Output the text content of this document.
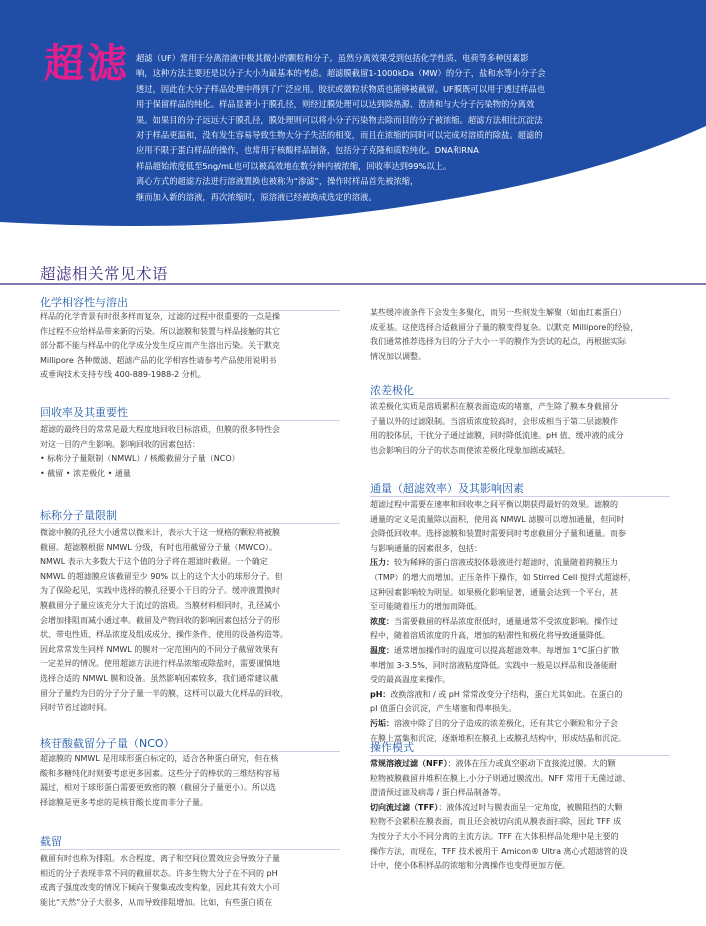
超滤 超滤（UF）常用于分离溶液中极其微小的颗粒和分子。虽然分离效果受到包括化学性质、电荷等多种因素影

响，这种方法主要还是以分子大小为最基本的考虑。超滤膜截留1-1000kDa（MW）的分子，盐和水等小分子会

透过，因此在大分子样品处理中得到了广泛应用。胶状或微粒状物质也能够被截留。UF膜既可以用于透过样品也

用于保留样品的纯化。样品显著小于膜孔径，则经过膜处理可以达到除热源、澄清和与大分子污染物的分离效

果。如果目的分子远远大于膜孔径，膜处理则可以将小分子污染物去除而目的分子被浓缩。超滤方法相比沉淀法

对于样品更温和，没有发生容易导致生物大分子失活的相变，而且在浓缩的同时可以完成对溶质的除盐。超滤的

应用不限于蛋白样品的操作，也常用于核酸样品制备，包括分子克隆和质粒纯化。DNA和RNA

样品超始浓度低至5ng/mL也可以被高效地在数分钟内被浓缩，回收率达到99%以上。

离心方式的超滤方法进行溶液置换也被称为“渗滤”，操作时样品首先被浓缩，

继而加入新的溶液，再次浓缩时，原溶液已经被换成选定的溶液。

超滤相关常见术语
化学相容性与溶出
样品的化学背景有时很多样而复杂，过滤的过程中很重要的一点是操
作过程不应给样品带来新的污染。所以滤膜和装置与样品接触的其它
部分都不能与样品中的化学成分发生反应而产生溶出污染。关于默克
Millipore 各种微滤、超滤产品的化学相容性请参考产品使用说明书
或垂询技术支持专线 400-889-1988-2 分机。
回收率及其重要性
超滤的最终目的常常是最大程度地回收目标溶质，但膜的很多特性会
对这一目的产生影响。影响回收的因素包括：
• 标称分子量限制（NMWL）/ 核酸截留分子量（NCO）
• 截留 • 浓差极化 • 通量
标称分子量限制
微滤中膜的孔径大小通常以微米计，表示大于这一规格的颗粒将被膜
截留。超滤膜根据 NMWL 分级，有时也用截留分子量（MWCO）。
NMWL 表示大多数大于这个值的分子将在超滤时截留。一个确定
NMWL 的超滤膜应该截留至少 90% 以上的这个大小的球形分子。但
为了保险起见，实践中选择的膜孔径要小于目的分子。缓冲液置换时
膜截留分子量应该充分大于流过的溶质。当膜材料相同时，孔径减小
会增加排阻而减小通过率。截留及产物回收的影响因素包括分子的形
状、带电性质、样品浓度及组成成分、操作条件、使用的设备构造等。
因此常常发生同样 NMWL 的膜对一定范围内的不同分子截留效果有
一定差异的情况。使用超滤方法进行样品浓缩或除盐时，需要谨慎地
选择合适的 NMWL 膜和设备。虽然影响因素较多，我们通常建议截
留分子量约为目的分子分子量一半的膜，这样可以最大化样品的回收，
同时节省过滤时间。
核苷酸截留分子量（NCO）
超滤膜的 NMWL 是用球形蛋白标定的，适合各种蛋白研究，但在核
酸和多糖纯化时则要考虑更多因素。这些分子的棒状的三维结构容易
漏过，相对于球形蛋白需要更致密的膜（截留分子量更小）。所以选
择滤膜是更多考虑的是核苷酸长度而非分子量。
截留
截留有时也称为排阻。水合程度、离子和空间位置效应会导致分子量
相近的分子表现非常不同的截留状态。许多生物大分子在不同的 pH
或离子强度改变的情况下倾向于聚集或改变构象，因此其有效大小可
能比“天然”分子大很多，从而导致排阻增加。比如，有些蛋白质在
某些缓冲液条件下会发生多聚化，而另一些则发生解聚（如血红素蛋白）
成亚基。这使选择合适截留分子量的膜变得复杂。以默克 Millipore的经验，
我们通常推荐选择为目的分子大小一半的膜作为尝试的起点，再根据实际
情况加以调整。
浓差极化
浓差极化实质是溶质累积在膜表面造成的堵塞，产生除了膜本身截留分
子量以外的过滤限制。当溶质浓度较高时，会形成相当于第二层滤膜作
用的胶体层，干扰分子通过滤膜，同时降低流速。pH 值、缓冲液的成分
也会影响目的分子的状态而使浓差极化现象加剧或减轻。
通量（超滤效率）及其影响因素
超滤过程中需要在速率和回收率之间平衡以期获得最好的效果。滤膜的
通量的定义是流量除以面积，使用高 NMWL 滤膜可以增加通量，但同时
会降低回收率。选择滤膜和装置时需要同时考虑截留分子量和通量。而参
与影响通量的因素很多，包括：
压力：较为稀释的蛋白溶液或胶体悬液进行超滤时，流量随着跨膜压力
（TMP）的增大而增加。正压条件下操作，如 Stirred Cell 搅拌式超滤杯，
这种因素影响较为明显。如果极化影响显著，通量会达到一个平台，甚
至可能随着压力的增加而降低。
浓度：当需要截留的样品浓度很低时，通量通常不受浓度影响。操作过
程中，随着溶质浓度的升高，增加的粘滞性和极化将导致通量降低。
温度：通常增加操作时的温度可以提高超滤效率。每增加 1°C蛋白扩散
率增加 3-3.5%，同时溶液粘度降低。实践中一般是以样品和设备能耐
受的最高温度来操作。
pH：改换溶液和 / 或 pH 常常改变分子结构，蛋白尤其如此。在蛋白的
pI 值蛋白会沉淀，产生堵塞和得率损失。
污垢：溶液中除了目的分子造成的浓差极化，还有其它小颗粒和分子会
在膜上富集和沉淀，逐渐堆积在膜孔上或膜孔结构中，形成结晶和沉淀。
操作模式
常规溶液过滤（NFF）：液体在压力或真空驱动下直接流过膜。大的颗
粒物被膜截留并堆积在膜上,小分子则通过膜流出。NFF 常用于无菌过滤、
澄清预过滤及病毒 / 蛋白样品制备等。
切向流过滤（TFF）：液体流过时与膜表面呈一定角度，被膜阻挡的大颗
粒物不会累积在膜表面，而且还会被切向流从膜表面扫除，因此 TFF 成
为按分子大小不同分离的主流方法。TFF 在大体积样品处理中是主要的
操作方法，而现在，TFF 技术被用于 Amicon® Ultra 离心式超滤管的设
计中，使小体积样品的浓缩和分离操作也变得更加方便。
